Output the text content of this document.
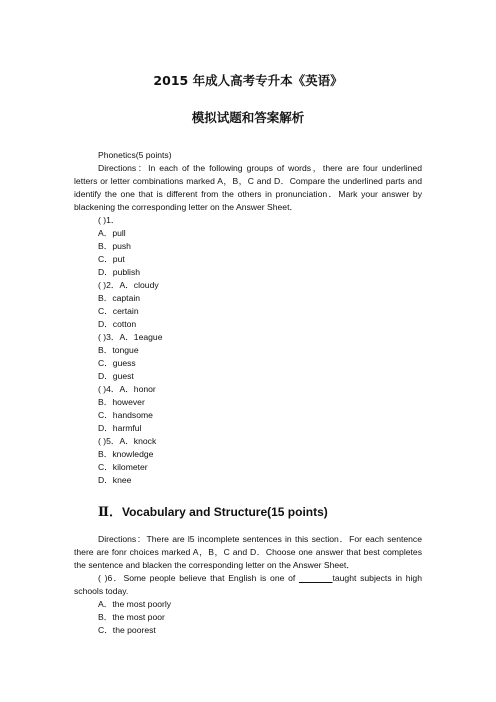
2015 年成人高考专升本《英语》
模拟试题和答案解析

Phonetics(5 points)

Directions：In each of the following groups of words，there are four underlined letters or letter combinations marked A，B，C and D．Compare the underlined parts and identify the one that is different from the others in pronunciation．Mark your answer by blackening the corresponding letter on the Answer Sheet．

( )1．

A．pull

B．push

C．put

D．publish

( )2．A．cloudy

B．captain

C．certain

D．cotton

( )3．A．1eague

B．tongue

C．guess

D．guest

( )4．A．honor

B．however

C．handsome

D．harmful

( )5．A．knock

B．knowledge

C．kilometer

D．knee

Ⅱ．Vocabulary and Structure(15 points)

Directions：There are l5 incomplete sentences in this section．For each sentence there are fonr choices marked A，B，C and D．Choose one answer that best completes the sentence and blacken the corresponding letter on the Answer Sheet．

( )6．Some people believe that English is one of _______taught subjects in high schools today.

A．the most poorly

B．the most poor

C．the poorest
